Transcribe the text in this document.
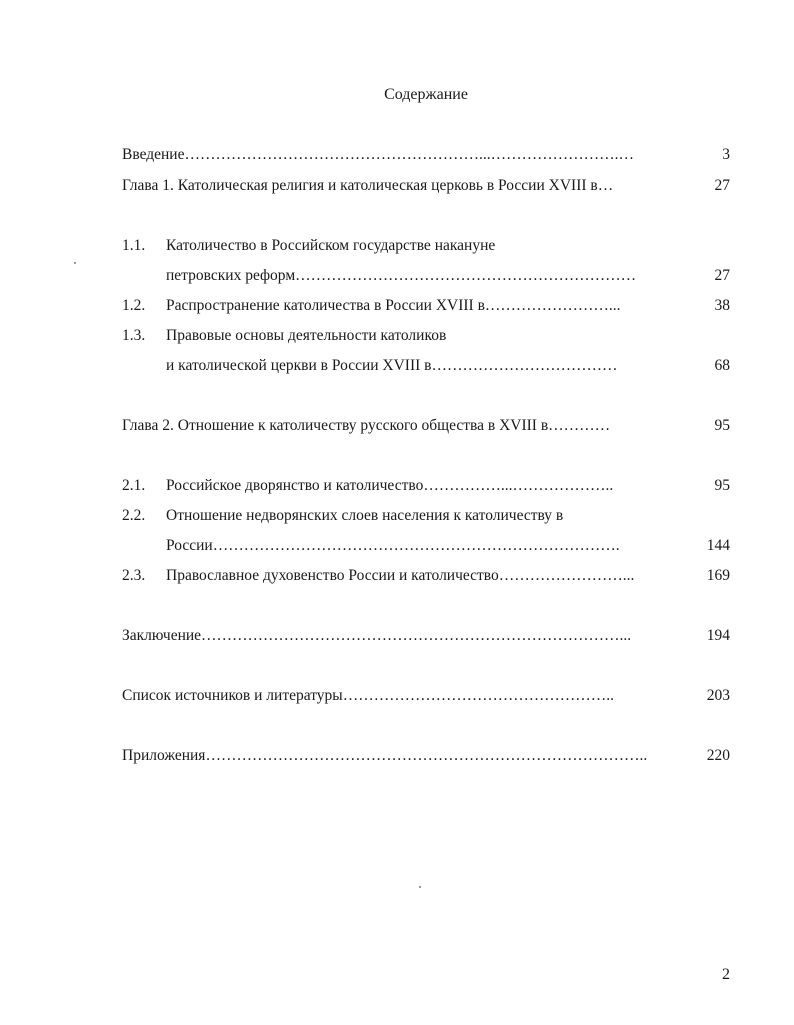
Содержание
Введение…………………………………………………...…………………….…	3
Глава 1. Католическая религия и католическая церковь в России XVIII в…	27
1.1. Католичество в Российском государстве накануне
петровских реформ…………………………………………………………	27
1.2. Распространение католичества в России XVIII в……………………...	38
1.3. Правовые основы деятельности католиков
и католической церкви в России XVIII в………………………………	68
Глава 2. Отношение к католичеству русского общества в XVIII в…………	95
2.1. Российское дворянство и католичество……………...………………..	95
2.2. Отношение недворянских слоев населения к католичеству в
России…………………………………………………………………….	144
2.3. Православное духовенство России и католичество……………………...	169
Заключение………………………………………………………………………...	194
Список источников и литературы……………………………………………..	203
Приложения…………………………………………………………………………..	220
2
